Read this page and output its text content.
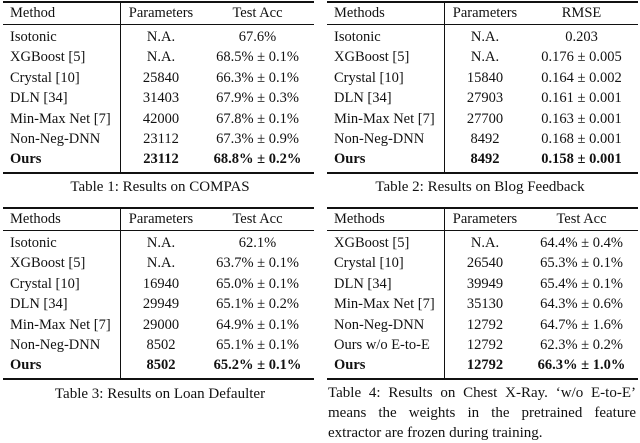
Method	Parameters	Test Acc
Isotonic	N.A.	67.6%
XGBoost [5]	N.A.	68.5% ± 0.1%
Crystal [10]	25840	66.3% ± 0.1%
DLN [34]	31403	67.9% ± 0.3%
Min-Max Net [7]	42000	67.8% ± 0.1%
Non-Neg-DNN	23112	67.3% ± 0.9%
Ours	23112	68.8% ± 0.2%
Table 1: Results on COMPAS
Methods	Parameters	RMSE
Isotonic	N.A.	0.203
XGBoost [5]	N.A.	0.176 ± 0.005
Crystal [10]	15840	0.164 ± 0.002
DLN [34]	27903	0.161 ± 0.001
Min-Max Net [7]	27700	0.163 ± 0.001
Non-Neg-DNN	8492	0.168 ± 0.001
Ours	8492	0.158 ± 0.001
Table 2: Results on Blog Feedback
Methods	Parameters	Test Acc
Isotonic	N.A.	62.1%
XGBoost [5]	N.A.	63.7% ± 0.1%
Crystal [10]	16940	65.0% ± 0.1%
DLN [34]	29949	65.1% ± 0.2%
Min-Max Net [7]	29000	64.9% ± 0.1%
Non-Neg-DNN	8502	65.1% ± 0.1%
Ours	8502	65.2% ± 0.1%
Table 3: Results on Loan Defaulter
Methods	Parameters	Test Acc
XGBoost [5]	N.A.	64.4% ± 0.4%
Crystal [10]	26540	65.3% ± 0.1%
DLN [34]	39949	65.4% ± 0.1%
Min-Max Net [7]	35130	64.3% ± 0.6%
Non-Neg-DNN	12792	64.7% ± 1.6%
Ours w/o E-to-E	12792	62.3% ± 0.2%
Ours	12792	66.3% ± 1.0%
Table 4: Results on Chest X-Ray. ‘w/o E-to-E’ means the weights in the pretrained feature extractor are frozen during training.
